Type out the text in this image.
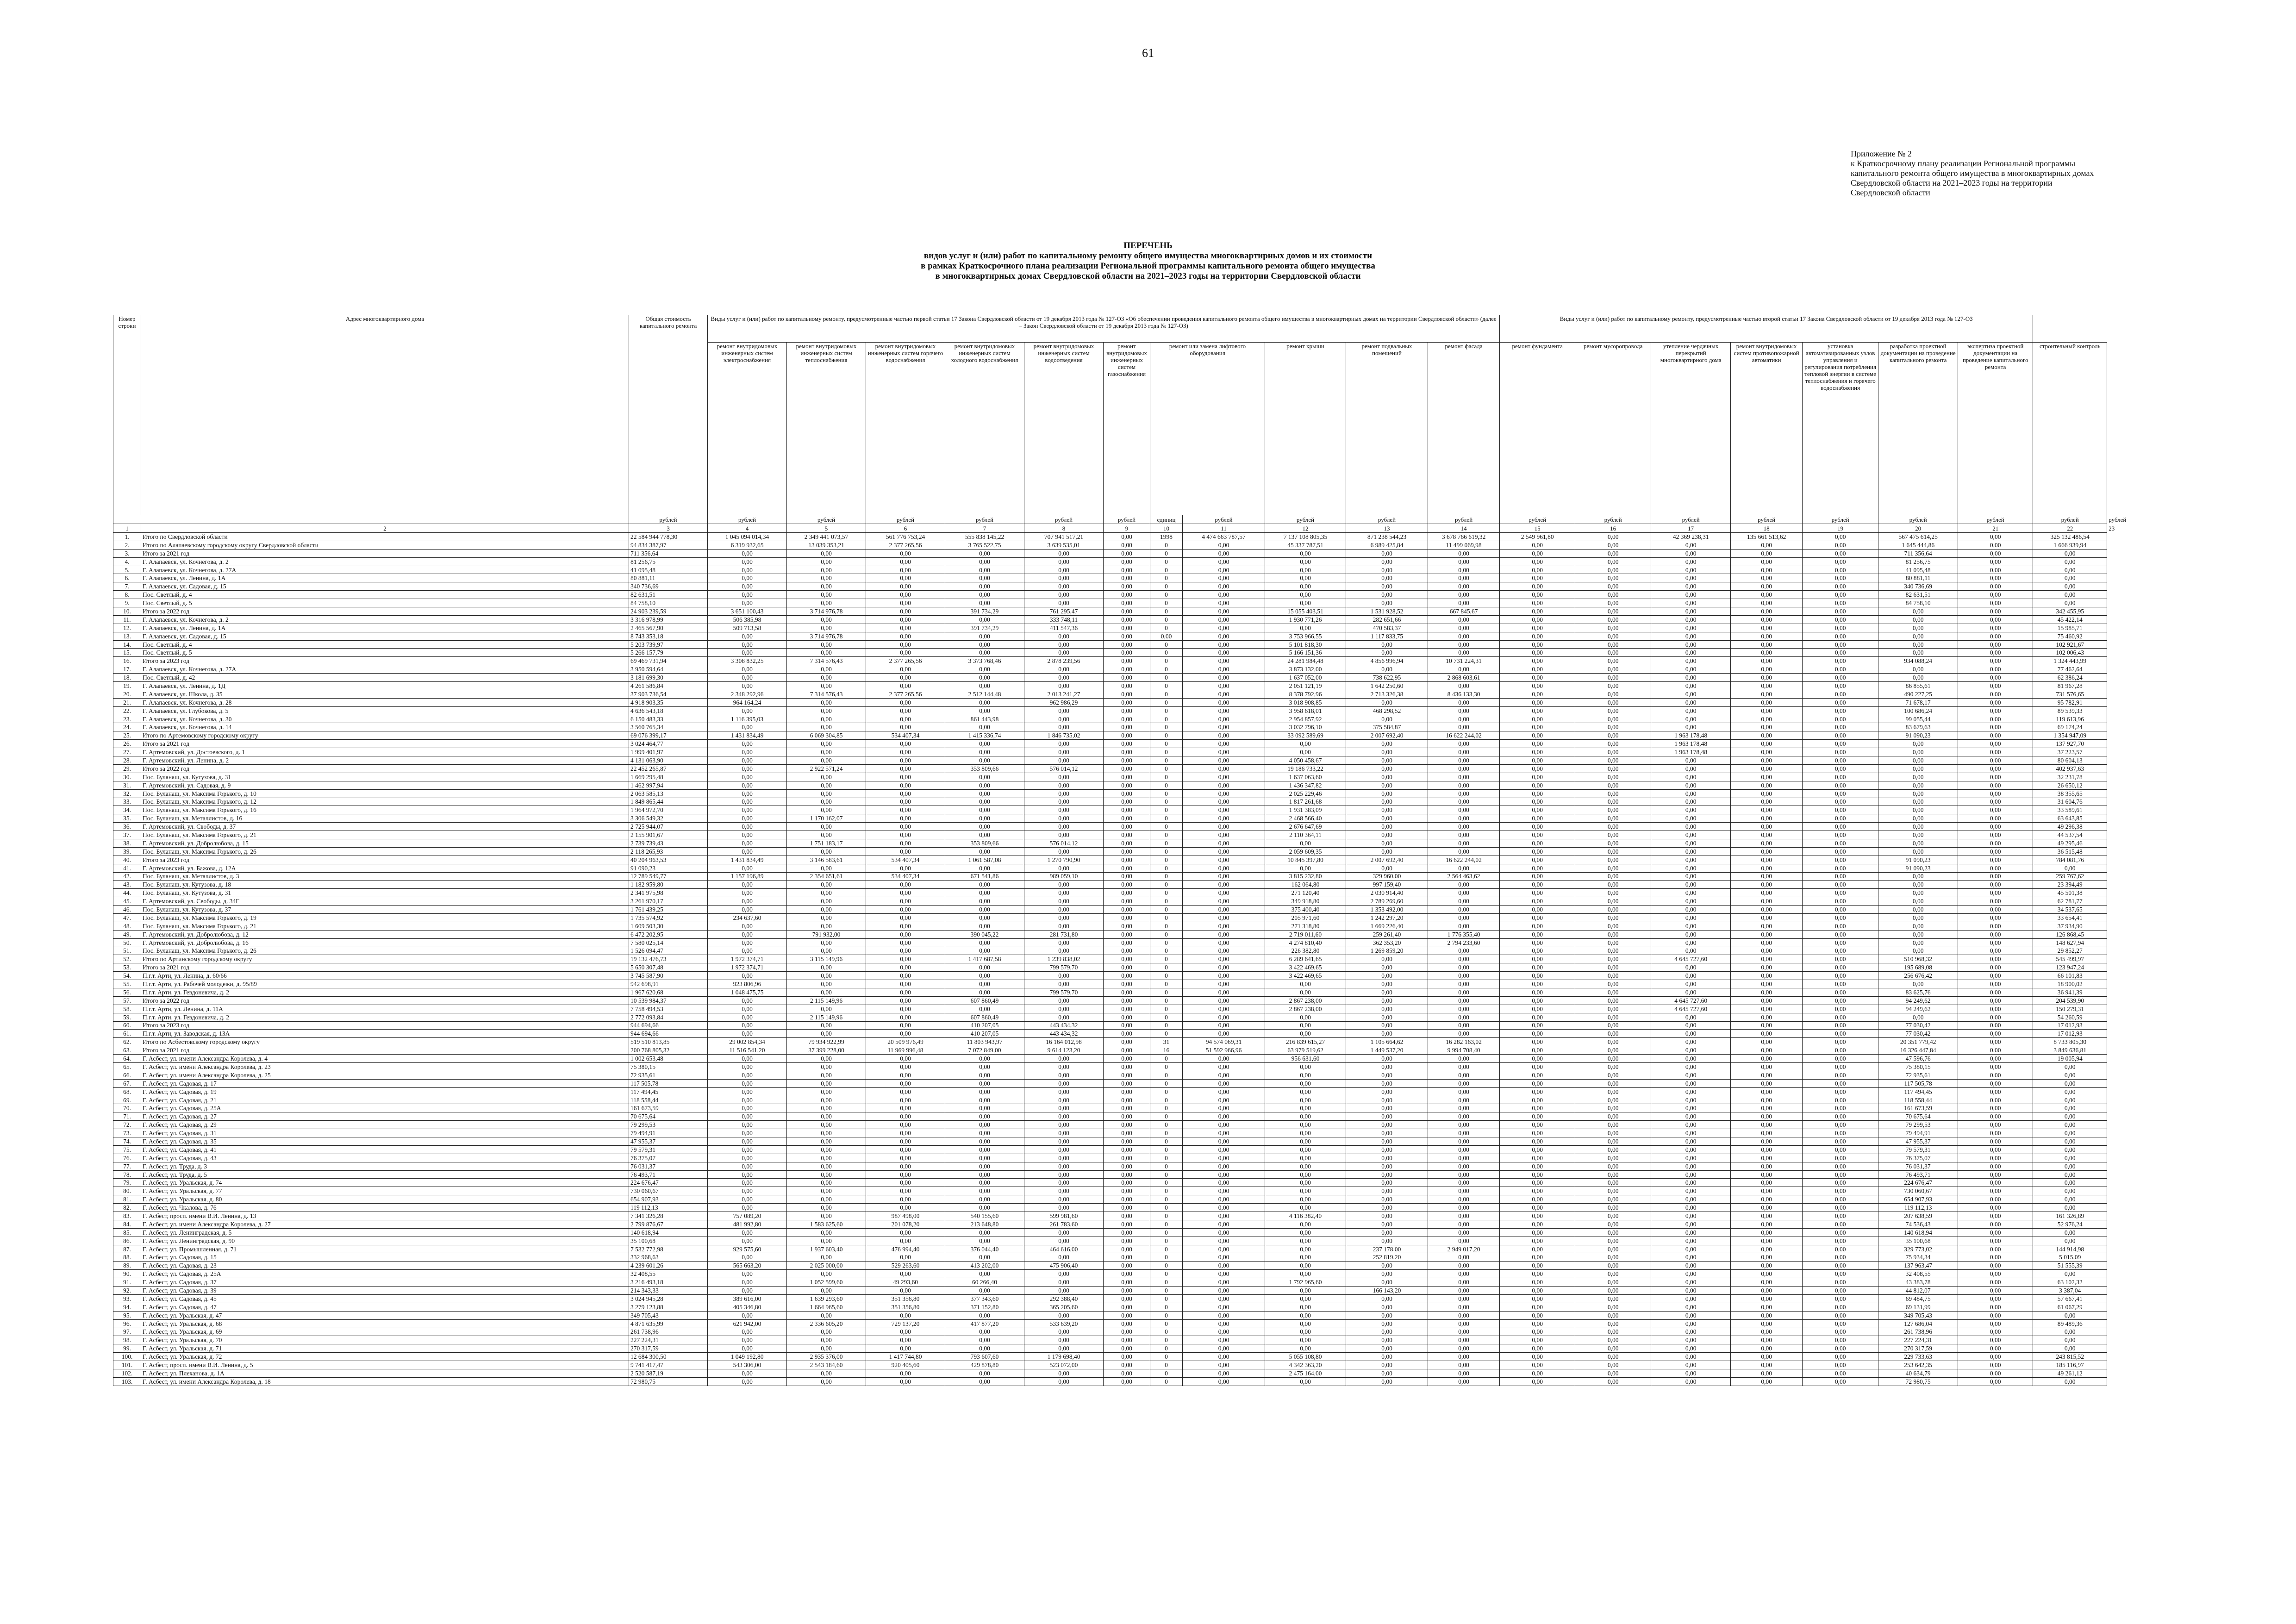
61
Приложение № 2
к Краткосрочному плану реализации Региональной программы
капитального ремонта общего имущества в многоквартирных домах
Свердловской области на 2021–2023 годы на территории
Свердловской области
ПЕРЕЧЕНЬ
видов услуг и (или) работ по капитальному ремонту общего имущества многоквартирных домов и их стоимости
в рамках Краткосрочного плана реализации Региональной программы капитального ремонта общего имущества
в многоквартирных домах Свердловской области на 2021–2023 годы на территории Свердловской области
Номер строки	Адрес многоквартирного дома	Общая стоимость капитального ремонта	Виды услуг и (или) работ по капитальному ремонту, предусмотренные частью первой статьи 17 Закона Свердловской области от 19 декабря 2013 года № 127-ОЗ «Об обеспечении проведения капитального ремонта общего имущества в многоквартирных домах на территории Свердловской области» (далее – Закон Свердловской области от 19 декабря 2013 года № 127-ОЗ)											Виды услуг и (или) работ по капитальному ремонту, предусмотренные частью второй статьи 17 Закона Свердловской области от 19 декабря 2013 года № 127-ОЗ								
			ремонт внутридомовых инженерных систем электроснабжения	ремонт внутридомовых инженерных систем теплоснабжения	ремонт внутридомовых инженерных систем горячего водоснабжения	ремонт внутридомовых инженерных систем холодного водоснабжения	ремонт внутридомовых инженерных систем водоотведения	ремонт внутридомовых инженерных систем газоснабжения	ремонт или замена лифтового оборудования		ремонт крыши	ремонт подвальных помещений	ремонт фасада	ремонт фундамента	ремонт мусоропровода	утепление чердачных перекрытий многоквартирного дома	ремонт внутридомовых систем противопожарной автоматики	установка автоматизированных узлов управления и регулирования потребления тепловой энергии в системе теплоснабжения и горячего водоснабжения	разработка проектной документации на проведение капитального ремонта	экспертиза проектной документации на проведение капитального ремонта	строительный контроль	
		рублей	рублей	рублей	рублей	рублей	рублей	рублей	единиц	рублей	рублей	рублей	рублей	рублей	рублей	рублей	рублей	рублей	рублей	рублей	рублей	рублей
1	2	3	4	5	6	7	8	9	10	11	12	13	14	15	16	17	18	19	20	21	22	23
1.	Итого по Свердловской области	22 584 944 778,30	1 045 094 014,34	2 349 441 073,57	561 776 753,24	555 838 145,22	707 941 517,21	0,00	1998	4 474 663 787,57	7 137 108 805,35	871 238 544,23	3 678 766 619,32	2 549 961,80	0,00	42 369 238,31	135 661 513,62	0,00	567 475 614,25	0,00	325 132 486,54	
2.	Итого по Алапаевскому городскому округу Свердловской области	94 834 387,97	6 319 932,65	13 039 353,21	2 377 265,56	3 765 522,75	3 639 535,01	0,00	0	0,00	45 337 787,51	6 989 425,84	11 499 069,98	0,00	0,00	0,00	0,00	0,00	1 645 444,86	0,00	1 666 939,94	
3.	Итого за 2021 год	711 356,64	0,00	0,00	0,00	0,00	0,00	0,00	0	0,00	0,00	0,00	0,00	0,00	0,00	0,00	0,00	0,00	711 356,64	0,00	0,00	
4.	Г. Алапаевск, ул. Кочнегова, д. 2	81 256,75	0,00	0,00	0,00	0,00	0,00	0,00	0	0,00	0,00	0,00	0,00	0,00	0,00	0,00	0,00	0,00	81 256,75	0,00	0,00	
5.	Г. Алапаевск, ул. Кочнегова, д. 27А	41 095,48	0,00	0,00	0,00	0,00	0,00	0,00	0	0,00	0,00	0,00	0,00	0,00	0,00	0,00	0,00	0,00	41 095,48	0,00	0,00	
6.	Г. Алапаевск, ул. Ленина, д. 1А	80 881,11	0,00	0,00	0,00	0,00	0,00	0,00	0	0,00	0,00	0,00	0,00	0,00	0,00	0,00	0,00	0,00	80 881,11	0,00	0,00	
7.	Г. Алапаевск, ул. Садовая, д. 15	340 736,69	0,00	0,00	0,00	0,00	0,00	0,00	0	0,00	0,00	0,00	0,00	0,00	0,00	0,00	0,00	0,00	340 736,69	0,00	0,00	
8.	Пос. Светлый, д. 4	82 631,51	0,00	0,00	0,00	0,00	0,00	0,00	0	0,00	0,00	0,00	0,00	0,00	0,00	0,00	0,00	0,00	82 631,51	0,00	0,00	
9.	Пос. Светлый, д. 5	84 758,10	0,00	0,00	0,00	0,00	0,00	0,00	0	0,00	0,00	0,00	0,00	0,00	0,00	0,00	0,00	0,00	84 758,10	0,00	0,00	
10.	Итого за 2022 год	24 903 239,59	3 651 100,43	3 714 976,78	0,00	391 734,29	761 295,47	0,00	0	0,00	15 055 403,51	1 531 928,52	667 845,67	0,00	0,00	0,00	0,00	0,00	0,00	0,00	342 455,95	
11.	Г. Алапаевск, ул. Кочнегова, д. 2	3 316 978,99	506 385,98	0,00	0,00	0,00	333 748,11	0,00	0	0,00	1 930 771,26	282 651,66	0,00	0,00	0,00	0,00	0,00	0,00	0,00	0,00	45 422,14	
12.	Г. Алапаевск, ул. Ленина, д. 1А	2 465 567,90	509 713,58	0,00	0,00	391 734,29	411 547,36	0,00	0	0,00	0,00	470 583,37	0,00	0,00	0,00	0,00	0,00	0,00	0,00	0,00	15 985,71	
13.	Г. Алапаевск, ул. Садовая, д. 15	8 743 353,18	0,00	3 714 976,78	0,00	0,00	0,00	0,00	0,00	0,00	3 753 966,55	1 117 833,75	0,00	0,00	0,00	0,00	0,00	0,00	0,00	0,00	75 460,92	
14.	Пос. Светлый, д. 4	5 203 739,97	0,00	0,00	0,00	0,00	0,00	0,00	0	0,00	5 101 818,30	0,00	0,00	0,00	0,00	0,00	0,00	0,00	0,00	0,00	102 921,67	
15.	Пос. Светлый, д. 5	5 266 157,79	0,00	0,00	0,00	0,00	0,00	0,00	0	0,00	5 166 151,36	0,00	0,00	0,00	0,00	0,00	0,00	0,00	0,00	0,00	102 006,43	
16.	Итого за 2023 год	69 469 731,94	3 308 832,25	7 314 576,43	2 377 265,56	3 373 768,46	2 878 239,56	0,00	0	0,00	24 281 984,48	4 856 996,94	10 731 224,31	0,00	0,00	0,00	0,00	0,00	934 088,24	0,00	1 324 443,99	
17.	Г. Алапаевск, ул. Кочнегова, д. 27А	3 950 594,64	0,00	0,00	0,00	0,00	0,00	0,00	0	0,00	3 873 132,00	0,00	0,00	0,00	0,00	0,00	0,00	0,00	0,00	0,00	77 462,64	
18.	Пос. Светлый, д. 42	3 181 699,30	0,00	0,00	0,00	0,00	0,00	0,00	0	0,00	1 637 052,00	738 622,95	2 868 603,61	0,00	0,00	0,00	0,00	0,00	0,00	0,00	62 386,24	
19.	Г. Алапаевск, ул. Ленина, д. 1Д	4 261 586,84	0,00	0,00	0,00	0,00	0,00	0,00	0	0,00	2 051 121,19	1 642 250,60	0,00	0,00	0,00	0,00	0,00	0,00	86 855,61	0,00	81 967,28	
20.	Г. Алапаевск, ул. Школа, д. 35	37 903 736,54	2 348 292,96	7 314 576,43	2 377 265,56	2 512 144,48	2 013 241,27	0,00	0	0,00	8 378 792,96	2 713 326,38	8 436 133,30	0,00	0,00	0,00	0,00	0,00	490 227,25	0,00	731 576,65	
21.	Г. Алапаевск, ул. Кочнегова, д. 28	4 918 903,35	964 164,24	0,00	0,00	0,00	962 986,29	0,00	0	0,00	3 018 908,85	0,00	0,00	0,00	0,00	0,00	0,00	0,00	71 678,17	0,00	95 782,91	
22.	Г. Алапаевск, ул. Глубокова, д. 5	4 636 543,18	0,00	0,00	0,00	0,00	0,00	0,00	0	0,00	3 958 618,01	468 298,52	0,00	0,00	0,00	0,00	0,00	0,00	100 686,24	0,00	89 539,33	
23.	Г. Алапаевск, ул. Кочнегова, д. 30	6 150 483,33	1 116 395,03	0,00	0,00	861 443,98	0,00	0,00	0	0,00	2 954 857,92	0,00	0,00	0,00	0,00	0,00	0,00	0,00	99 055,44	0,00	119 613,96	
24.	Г. Алапаевск, ул. Кочнегова, д. 14	3 560 765,34	0,00	0,00	0,00	0,00	0,00	0,00	0	0,00	3 032 796,10	375 584,87	0,00	0,00	0,00	0,00	0,00	0,00	83 679,63	0,00	69 174,24	
25.	Итого по Артемовскому городскому округу	69 076 399,17	1 431 834,49	6 069 304,85	534 407,34	1 415 336,74	1 846 735,02	0,00	0	0,00	33 092 589,69	2 007 692,40	16 622 244,02	0,00	0,00	1 963 178,48	0,00	0,00	91 090,23	0,00	1 354 947,09	
26.	Итого за 2021 год	3 024 464,77	0,00	0,00	0,00	0,00	0,00	0,00	0	0,00	0,00	0,00	0,00	0,00	0,00	1 963 178,48	0,00	0,00	0,00	0,00	137 927,70	
27.	Г. Артемовский, ул. Достоевского, д. 1	1 999 401,97	0,00	0,00	0,00	0,00	0,00	0,00	0	0,00	0,00	0,00	0,00	0,00	0,00	1 963 178,48	0,00	0,00	0,00	0,00	37 223,57	
28.	Г. Артемовский, ул. Ленина, д. 2	4 131 063,90	0,00	0,00	0,00	0,00	0,00	0,00	0	0,00	4 050 458,67	0,00	0,00	0,00	0,00	0,00	0,00	0,00	0,00	0,00	80 604,13	
29.	Итого за 2022 год	22 452 265,87	0,00	2 922 571,24	0,00	353 809,66	576 014,12	0,00	0	0,00	19 186 733,22	0,00	0,00	0,00	0,00	0,00	0,00	0,00	0,00	0,00	402 937,63	
30.	Пос. Буланаш, ул. Кутузова, д. 31	1 669 295,48	0,00	0,00	0,00	0,00	0,00	0,00	0	0,00	1 637 063,60	0,00	0,00	0,00	0,00	0,00	0,00	0,00	0,00	0,00	32 231,78	
31.	Г. Артемовский, ул. Садовая, д. 9	1 462 997,94	0,00	0,00	0,00	0,00	0,00	0,00	0	0,00	1 436 347,82	0,00	0,00	0,00	0,00	0,00	0,00	0,00	0,00	0,00	26 650,12	
32.	Пос. Буланаш, ул. Максима Горького, д. 10	2 063 585,13	0,00	0,00	0,00	0,00	0,00	0,00	0	0,00	2 025 229,46	0,00	0,00	0,00	0,00	0,00	0,00	0,00	0,00	0,00	38 355,65	
33.	Пос. Буланаш, ул. Максима Горького, д. 12	1 849 865,44	0,00	0,00	0,00	0,00	0,00	0,00	0	0,00	1 817 261,68	0,00	0,00	0,00	0,00	0,00	0,00	0,00	0,00	0,00	31 604,76	
34.	Пос. Буланаш, ул. Максима Горького, д. 16	1 964 972,70	0,00	0,00	0,00	0,00	0,00	0,00	0	0,00	1 931 383,09	0,00	0,00	0,00	0,00	0,00	0,00	0,00	0,00	0,00	33 589,61	
35.	Пос. Буланаш, ул. Металлистов, д. 16	3 306 549,32	0,00	1 170 162,07	0,00	0,00	0,00	0,00	0	0,00	2 468 566,40	0,00	0,00	0,00	0,00	0,00	0,00	0,00	0,00	0,00	63 643,85	
36.	Г. Артемовский, ул. Свободы, д. 37	2 725 944,07	0,00	0,00	0,00	0,00	0,00	0,00	0	0,00	2 676 647,69	0,00	0,00	0,00	0,00	0,00	0,00	0,00	0,00	0,00	49 296,38	
37.	Пос. Буланаш, ул. Максима Горького, д. 21	2 155 901,67	0,00	0,00	0,00	0,00	0,00	0,00	0	0,00	2 110 364,11	0,00	0,00	0,00	0,00	0,00	0,00	0,00	0,00	0,00	44 537,54	
38.	Г. Артемовский, ул. Добролюбова, д. 15	2 739 739,43	0,00	1 751 183,17	0,00	353 809,66	576 014,12	0,00	0	0,00	0,00	0,00	0,00	0,00	0,00	0,00	0,00	0,00	0,00	0,00	49 295,46	
39.	Пос. Буланаш, ул. Максима Горького, д. 26	2 118 265,93	0,00	0,00	0,00	0,00	0,00	0,00	0	0,00	2 059 609,35	0,00	0,00	0,00	0,00	0,00	0,00	0,00	0,00	0,00	36 515,48	
40.	Итого за 2023 год	40 204 963,53	1 431 834,49	3 146 583,61	534 407,34	1 061 587,08	1 270 790,90	0,00	0	0,00	10 845 397,80	2 007 692,40	16 622 244,02	0,00	0,00	0,00	0,00	0,00	91 090,23	0,00	784 081,76	
41.	Г. Артемовский, ул. Бажова, д. 12А	91 090,23	0,00	0,00	0,00	0,00	0,00	0,00	0	0,00	0,00	0,00	0,00	0,00	0,00	0,00	0,00	0,00	91 090,23	0,00	0,00	
42.	Пос. Буланаш, ул. Металлистов, д. 3	12 789 549,77	1 157 196,89	2 354 651,61	534 407,34	671 541,86	989 059,10	0,00	0	0,00	3 815 232,80	329 960,00	2 564 463,62	0,00	0,00	0,00	0,00	0,00	0,00	0,00	259 767,62	
43.	Пос. Буланаш, ул. Кутузова, д. 18	1 182 959,80	0,00	0,00	0,00	0,00	0,00	0,00	0	0,00	162 064,80	997 159,40	0,00	0,00	0,00	0,00	0,00	0,00	0,00	0,00	23 394,49	
44.	Пос. Буланаш, ул. Кутузова, д. 31	2 341 975,98	0,00	0,00	0,00	0,00	0,00	0,00	0	0,00	271 120,40	2 030 914,40	0,00	0,00	0,00	0,00	0,00	0,00	0,00	0,00	45 501,38	
45.	Г. Артемовский, ул. Свободы, д. 34Г	3 261 970,17	0,00	0,00	0,00	0,00	0,00	0,00	0	0,00	349 918,80	2 789 269,60	0,00	0,00	0,00	0,00	0,00	0,00	0,00	0,00	62 781,77	
46.	Пос. Буланаш, ул. Кутузова, д. 37	1 761 439,25	0,00	0,00	0,00	0,00	0,00	0,00	0	0,00	375 400,40	1 353 492,00	0,00	0,00	0,00	0,00	0,00	0,00	0,00	0,00	34 537,65	
47.	Пос. Буланаш, ул. Максима Горького, д. 19	1 735 574,92	234 637,60	0,00	0,00	0,00	0,00	0,00	0	0,00	205 971,60	1 242 297,20	0,00	0,00	0,00	0,00	0,00	0,00	0,00	0,00	33 654,41	
48.	Пос. Буланаш, ул. Максима Горького, д. 21	1 609 503,30	0,00	0,00	0,00	0,00	0,00	0,00	0	0,00	271 318,80	1 669 226,40	0,00	0,00	0,00	0,00	0,00	0,00	0,00	0,00	37 934,90	
49.	Г. Артемовский, ул. Добролюбова, д. 12	6 472 202,95	0,00	791 932,00	0,00	390 045,22	281 731,80	0,00	0	0,00	2 719 011,60	259 261,40	1 776 355,40	0,00	0,00	0,00	0,00	0,00	0,00	0,00	126 868,45	
50.	Г. Артемовский, ул. Добролюбова, д. 16	7 580 025,14	0,00	0,00	0,00	0,00	0,00	0,00	0	0,00	4 274 810,40	362 353,20	2 794 233,60	0,00	0,00	0,00	0,00	0,00	0,00	0,00	148 627,94	
51.	Пос. Буланаш, ул. Максима Горького, д. 26	1 526 094,47	0,00	0,00	0,00	0,00	0,00	0,00	0	0,00	226 382,80	1 269 859,20	0,00	0,00	0,00	0,00	0,00	0,00	0,00	0,00	29 852,27	
52.	Итого по Артинскому городскому округу	19 132 476,73	1 972 374,71	3 115 149,96	0,00	1 417 687,58	1 239 838,02	0,00	0	0,00	6 289 641,65	0,00	0,00	0,00	0,00	4 645 727,60	0,00	0,00	510 968,32	0,00	545 499,97	
53.	Итого за 2021 год	5 650 307,48	1 972 374,71	0,00	0,00	0,00	799 579,70	0,00	0	0,00	3 422 469,65	0,00	0,00	0,00	0,00	0,00	0,00	0,00	195 689,08	0,00	123 947,24	
54.	П.г.т. Арти, ул. Ленина, д. 60/66	3 745 587,90	0,00	0,00	0,00	0,00	0,00	0,00	0	0,00	3 422 469,65	0,00	0,00	0,00	0,00	0,00	0,00	0,00	256 676,42	0,00	66 101,83	
55.	П.г.т. Арти, ул. Рабочей молодежи, д. 95/89	942 698,91	923 806,96	0,00	0,00	0,00	0,00	0,00	0	0,00	0,00	0,00	0,00	0,00	0,00	0,00	0,00	0,00	0,00	0,00	18 900,02	
56.	П.г.т. Арти, ул. Гевдоневича, д. 2	1 967 620,68	1 048 475,75	0,00	0,00	0,00	799 579,70	0,00	0	0,00	0,00	0,00	0,00	0,00	0,00	0,00	0,00	0,00	83 625,76	0,00	36 941,39	
57.	Итого за 2022 год	10 539 984,37	0,00	2 115 149,96	0,00	607 860,49	0,00	0,00	0	0,00	2 867 238,00	0,00	0,00	0,00	0,00	4 645 727,60	0,00	0,00	94 249,62	0,00	204 539,90	
58.	П.г.т. Арти, ул. Ленина, д. 11А	7 758 494,53	0,00	0,00	0,00	0,00	0,00	0,00	0	0,00	2 867 238,00	0,00	0,00	0,00	0,00	4 645 727,60	0,00	0,00	94 249,62	0,00	150 279,31	
59.	П.г.т. Арти, ул. Гевдоневича, д. 2	2 772 093,84	0,00	2 115 149,96	0,00	607 860,49	0,00	0,00	0	0,00	0,00	0,00	0,00	0,00	0,00	0,00	0,00	0,00	0,00	0,00	54 260,59	
60.	Итого за 2023 год	944 694,66	0,00	0,00	0,00	410 207,05	443 434,32	0,00	0	0,00	0,00	0,00	0,00	0,00	0,00	0,00	0,00	0,00	77 030,42	0,00	17 012,93	
61.	П.г.т. Арти, ул. Заводская, д. 13А	944 694,66	0,00	0,00	0,00	410 207,05	443 434,32	0,00	0	0,00	0,00	0,00	0,00	0,00	0,00	0,00	0,00	0,00	77 030,42	0,00	17 012,93	
62.	Итого по Асбестовскому городскому округу	519 510 813,85	29 002 854,34	79 934 922,99	20 509 976,49	11 803 943,97	16 164 012,98	0,00	31	94 574 069,31	216 839 615,27	1 105 664,62	16 282 163,02	0,00	0,00	0,00	0,00	0,00	20 351 779,42	0,00	8 733 805,30	
63.	Итого за 2021 год	200 768 805,32	11 516 541,20	37 399 228,00	11 969 996,48	7 072 849,00	9 614 123,20	0,00	16	51 592 966,96	63 979 519,62	1 449 537,20	9 994 708,40	0,00	0,00	0,00	0,00	0,00	16 326 447,84	0,00	3 849 636,81	
64.	Г. Асбест, ул. имени Александра Королева, д. 4	1 002 653,48	0,00	0,00	0,00	0,00	0,00	0,00	0	0,00	956 631,60	0,00	0,00	0,00	0,00	0,00	0,00	0,00	47 596,76	0,00	19 005,94	
65.	Г. Асбест, ул. имени Александра Королева, д. 23	75 380,15	0,00	0,00	0,00	0,00	0,00	0,00	0	0,00	0,00	0,00	0,00	0,00	0,00	0,00	0,00	0,00	75 380,15	0,00	0,00	
66.	Г. Асбест, ул. имени Александра Королева, д. 25	72 935,61	0,00	0,00	0,00	0,00	0,00	0,00	0	0,00	0,00	0,00	0,00	0,00	0,00	0,00	0,00	0,00	72 935,61	0,00	0,00	
67.	Г. Асбест, ул. Садовая, д. 17	117 505,78	0,00	0,00	0,00	0,00	0,00	0,00	0	0,00	0,00	0,00	0,00	0,00	0,00	0,00	0,00	0,00	117 505,78	0,00	0,00	
68.	Г. Асбест, ул. Садовая, д. 19	117 494,45	0,00	0,00	0,00	0,00	0,00	0,00	0	0,00	0,00	0,00	0,00	0,00	0,00	0,00	0,00	0,00	117 494,45	0,00	0,00	
69.	Г. Асбест, ул. Садовая, д. 21	118 558,44	0,00	0,00	0,00	0,00	0,00	0,00	0	0,00	0,00	0,00	0,00	0,00	0,00	0,00	0,00	0,00	118 558,44	0,00	0,00	
70.	Г. Асбест, ул. Садовая, д. 25А	161 673,59	0,00	0,00	0,00	0,00	0,00	0,00	0	0,00	0,00	0,00	0,00	0,00	0,00	0,00	0,00	0,00	161 673,59	0,00	0,00	
71.	Г. Асбест, ул. Садовая, д. 27	70 675,64	0,00	0,00	0,00	0,00	0,00	0,00	0	0,00	0,00	0,00	0,00	0,00	0,00	0,00	0,00	0,00	70 675,64	0,00	0,00	
72.	Г. Асбест, ул. Садовая, д. 29	79 299,53	0,00	0,00	0,00	0,00	0,00	0,00	0	0,00	0,00	0,00	0,00	0,00	0,00	0,00	0,00	0,00	79 299,53	0,00	0,00	
73.	Г. Асбест, ул. Садовая, д. 31	79 494,91	0,00	0,00	0,00	0,00	0,00	0,00	0	0,00	0,00	0,00	0,00	0,00	0,00	0,00	0,00	0,00	79 494,91	0,00	0,00	
74.	Г. Асбест, ул. Садовая, д. 35	47 955,37	0,00	0,00	0,00	0,00	0,00	0,00	0	0,00	0,00	0,00	0,00	0,00	0,00	0,00	0,00	0,00	47 955,37	0,00	0,00	
75.	Г. Асбест, ул. Садовая, д. 41	79 579,31	0,00	0,00	0,00	0,00	0,00	0,00	0	0,00	0,00	0,00	0,00	0,00	0,00	0,00	0,00	0,00	79 579,31	0,00	0,00	
76.	Г. Асбест, ул. Садовая, д. 43	76 375,07	0,00	0,00	0,00	0,00	0,00	0,00	0	0,00	0,00	0,00	0,00	0,00	0,00	0,00	0,00	0,00	76 375,07	0,00	0,00	
77.	Г. Асбест, ул. Труда, д. 3	76 031,37	0,00	0,00	0,00	0,00	0,00	0,00	0	0,00	0,00	0,00	0,00	0,00	0,00	0,00	0,00	0,00	76 031,37	0,00	0,00	
78.	Г. Асбест, ул. Труда, д. 5	76 493,71	0,00	0,00	0,00	0,00	0,00	0,00	0	0,00	0,00	0,00	0,00	0,00	0,00	0,00	0,00	0,00	76 493,71	0,00	0,00	
79.	Г. Асбест, ул. Уральская, д. 74	224 676,47	0,00	0,00	0,00	0,00	0,00	0,00	0	0,00	0,00	0,00	0,00	0,00	0,00	0,00	0,00	0,00	224 676,47	0,00	0,00	
80.	Г. Асбест, ул. Уральская, д. 77	730 060,67	0,00	0,00	0,00	0,00	0,00	0,00	0	0,00	0,00	0,00	0,00	0,00	0,00	0,00	0,00	0,00	730 060,67	0,00	0,00	
81.	Г. Асбест, ул. Уральская, д. 80	654 907,93	0,00	0,00	0,00	0,00	0,00	0,00	0	0,00	0,00	0,00	0,00	0,00	0,00	0,00	0,00	0,00	654 907,93	0,00	0,00	
82.	Г. Асбест, ул. Чкалова, д. 76	119 112,13	0,00	0,00	0,00	0,00	0,00	0,00	0	0,00	0,00	0,00	0,00	0,00	0,00	0,00	0,00	0,00	119 112,13	0,00	0,00	
83.	Г. Асбест, просп. имени В.И. Ленина, д. 13	7 341 326,28	757 089,20	0,00	987 498,00	540 155,60	599 981,60	0,00	0	0,00	4 116 382,40	0,00	0,00	0,00	0,00	0,00	0,00	0,00	207 638,59	0,00	161 326,89	
84.	Г. Асбест, ул. имени Александра Королева, д. 27	2 799 876,67	481 992,80	1 583 625,60	201 078,20	213 648,80	261 783,60	0,00	0	0,00	0,00	0,00	0,00	0,00	0,00	0,00	0,00	0,00	74 536,43	0,00	52 976,24	
85.	Г. Асбест, ул. Ленинградская, д. 5	140 618,94	0,00	0,00	0,00	0,00	0,00	0,00	0	0,00	0,00	0,00	0,00	0,00	0,00	0,00	0,00	0,00	140 618,94	0,00	0,00	
86.	Г. Асбест, ул. Ленинградская, д. 90	35 100,68	0,00	0,00	0,00	0,00	0,00	0,00	0	0,00	0,00	0,00	0,00	0,00	0,00	0,00	0,00	0,00	35 100,68	0,00	0,00	
87.	Г. Асбест, ул. Промышленная, д. 71	7 532 772,98	929 575,60	1 937 603,40	476 994,40	376 044,40	464 616,00	0,00	0	0,00	0,00	237 178,00	2 949 017,20	0,00	0,00	0,00	0,00	0,00	329 773,02	0,00	144 914,98	
88.	Г. Асбест, ул. Садовая, д. 15	332 968,63	0,00	0,00	0,00	0,00	0,00	0,00	0	0,00	0,00	252 819,20	0,00	0,00	0,00	0,00	0,00	0,00	75 934,34	0,00	5 015,09	
89.	Г. Асбест, ул. Садовая, д. 23	4 239 601,26	565 663,20	2 025 000,00	529 263,60	413 202,00	475 906,40	0,00	0	0,00	0,00	0,00	0,00	0,00	0,00	0,00	0,00	0,00	137 963,47	0,00	51 555,39	
90.	Г. Асбест, ул. Садовая, д. 25А	32 408,55	0,00	0,00	0,00	0,00	0,00	0,00	0	0,00	0,00	0,00	0,00	0,00	0,00	0,00	0,00	0,00	32 408,55	0,00	0,00	
91.	Г. Асбест, ул. Садовая, д. 37	3 216 493,18	0,00	1 052 599,60	49 293,60	60 266,40	0,00	0,00	0	0,00	1 792 965,60	0,00	0,00	0,00	0,00	0,00	0,00	0,00	43 383,78	0,00	63 102,32	
92.	Г. Асбест, ул. Садовая, д. 39	214 343,33	0,00	0,00	0,00	0,00	0,00	0,00	0	0,00	0,00	166 143,20	0,00	0,00	0,00	0,00	0,00	0,00	44 812,07	0,00	3 387,04	
93.	Г. Асбест, ул. Садовая, д. 45	3 024 945,28	389 616,00	1 639 293,60	351 356,80	377 343,60	292 388,40	0,00	0	0,00	0,00	0,00	0,00	0,00	0,00	0,00	0,00	0,00	69 484,75	0,00	57 667,41	
94.	Г. Асбест, ул. Садовая, д. 47	3 279 123,88	405 346,80	1 664 965,60	351 356,80	371 152,80	365 205,60	0,00	0	0,00	0,00	0,00	0,00	0,00	0,00	0,00	0,00	0,00	69 131,99	0,00	61 067,29	
95.	Г. Асбест, ул. Уральская, д. 47	349 705,43	0,00	0,00	0,00	0,00	0,00	0,00	0	0,00	0,00	0,00	0,00	0,00	0,00	0,00	0,00	0,00	349 705,43	0,00	0,00	
96.	Г. Асбест, ул. Уральская, д. 68	4 871 635,99	621 942,00	2 336 605,20	729 137,20	417 877,20	533 639,20	0,00	0	0,00	0,00	0,00	0,00	0,00	0,00	0,00	0,00	0,00	127 686,04	0,00	89 489,36	
97.	Г. Асбест, ул. Уральская, д. 69	261 738,96	0,00	0,00	0,00	0,00	0,00	0,00	0	0,00	0,00	0,00	0,00	0,00	0,00	0,00	0,00	0,00	261 738,96	0,00	0,00	
98.	Г. Асбест, ул. Уральская, д. 70	227 224,31	0,00	0,00	0,00	0,00	0,00	0,00	0	0,00	0,00	0,00	0,00	0,00	0,00	0,00	0,00	0,00	227 224,31	0,00	0,00	
99.	Г. Асбест, ул. Уральская, д. 71	270 317,59	0,00	0,00	0,00	0,00	0,00	0,00	0	0,00	0,00	0,00	0,00	0,00	0,00	0,00	0,00	0,00	270 317,59	0,00	0,00	
100.	Г. Асбест, ул. Уральская, д. 72	12 684 300,50	1 049 192,80	2 935 376,00	1 417 744,80	793 607,60	1 179 698,40	0,00	0	0,00	5 055 108,80	0,00	0,00	0,00	0,00	0,00	0,00	0,00	229 733,63	0,00	243 815,52	
101.	Г. Асбест, просп. имени В.И. Ленина, д. 5	9 741 417,47	543 306,00	2 543 184,60	920 405,60	429 878,80	523 072,00	0,00	0	0,00	4 342 363,20	0,00	0,00	0,00	0,00	0,00	0,00	0,00	253 642,35	0,00	185 116,97	
102.	Г. Асбест, ул. Плеханова, д. 1А	2 520 587,19	0,00	0,00	0,00	0,00	0,00	0,00	0	0,00	2 475 164,00	0,00	0,00	0,00	0,00	0,00	0,00	0,00	40 634,79	0,00	49 261,12	
103.	Г. Асбест, ул. имени Александра Королева, д. 18	72 980,75	0,00	0,00	0,00	0,00	0,00	0,00	0	0,00	0,00	0,00	0,00	0,00	0,00	0,00	0,00	0,00	72 980,75	0,00	0,00	
